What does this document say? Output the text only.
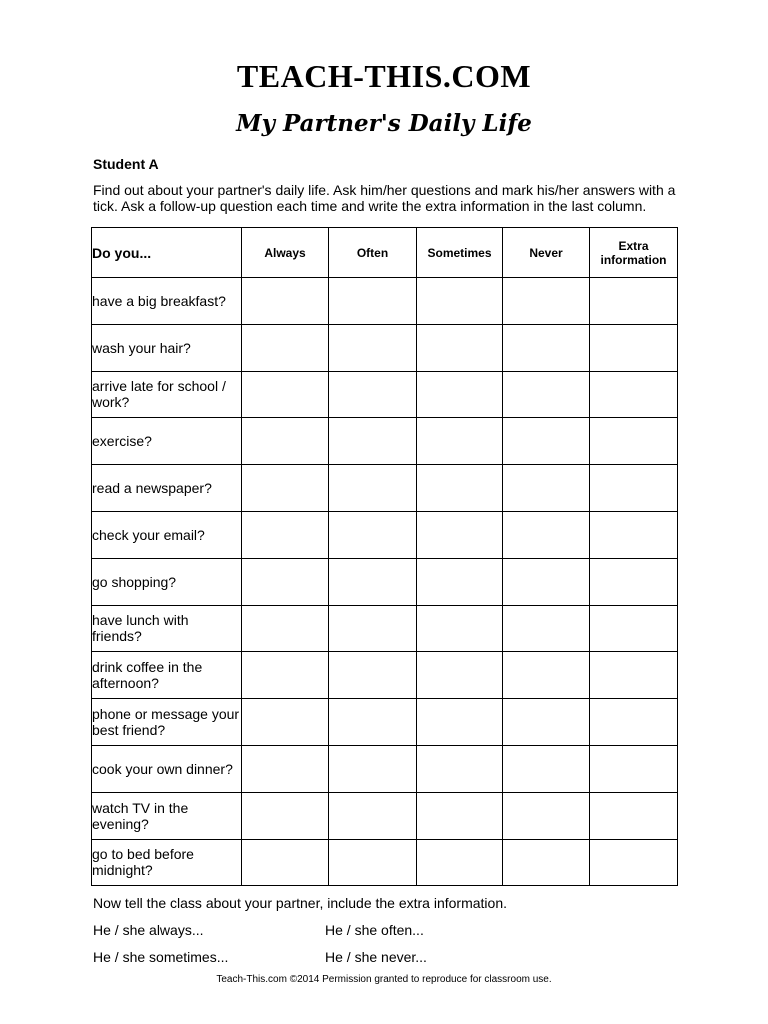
TEACH-THIS.COM
My Partner's Daily Life

Student A

Find out about your partner's daily life. Ask him/her questions and mark his/her answers with a tick. Ask a follow-up question each time and write the extra information in the last column.

Do you...	Always	Often	Sometimes	Never	Extra information
have a big breakfast?					
wash your hair?					
arrive late for school / work?					
exercise?					
read a newspaper?					
check your email?					
go shopping?					
have lunch with friends?					
drink coffee in the afternoon?					
phone or message your best friend?					
cook your own dinner?					
watch TV in the evening?					
go to bed before midnight?					

Now tell the class about your partner, include the extra information.

He / she always...	He / she often...

He / she sometimes...	He / she never...

Teach-This.com ©2014 Permission granted to reproduce for classroom use.
